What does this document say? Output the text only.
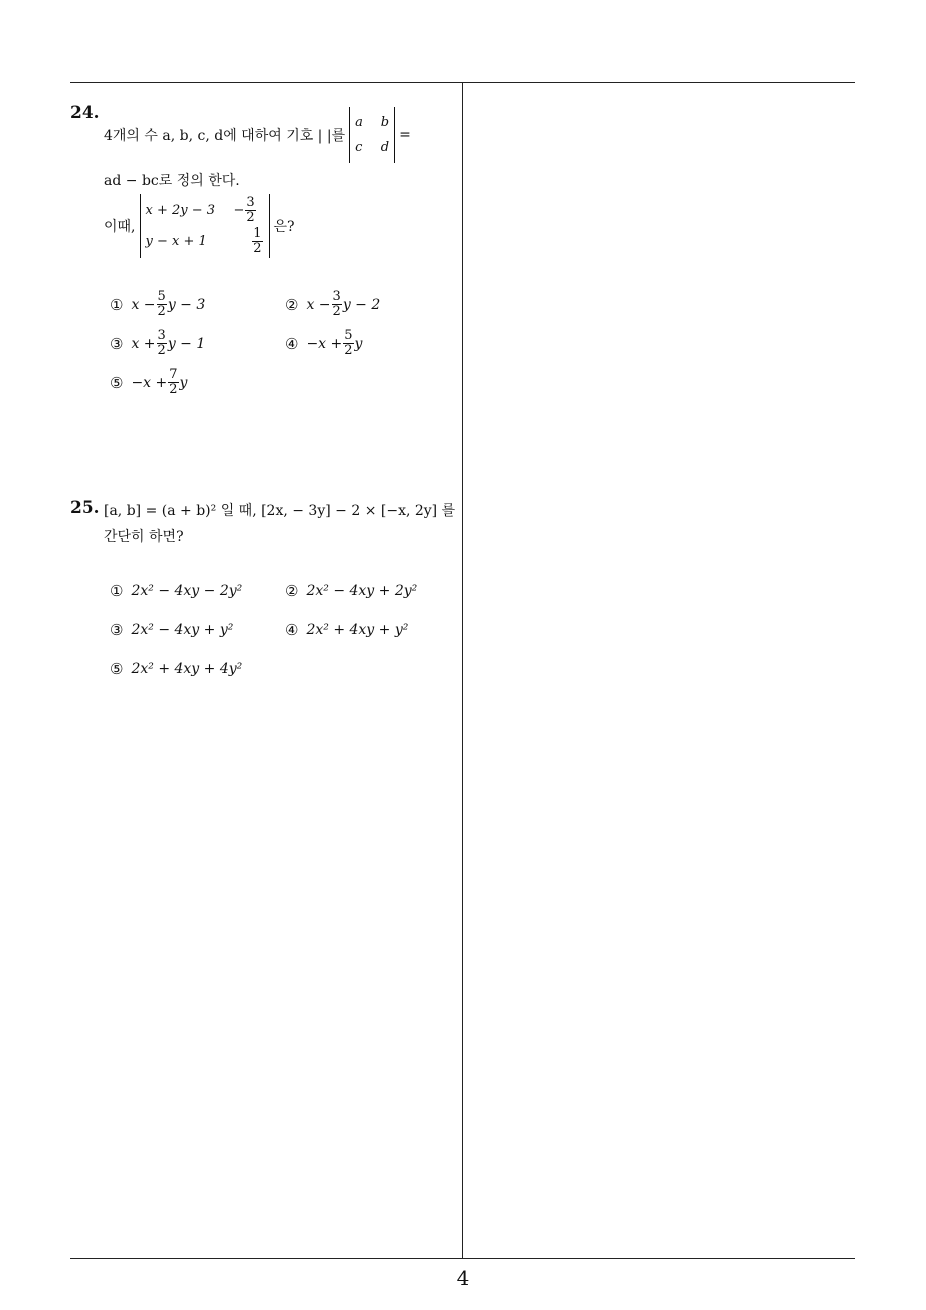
4
24.
4개의 수 a, b, c, d에 대하여 기호 | |를
a	b
c	d
=
ad − bc로 정의 한다.
이때,
x + 2y − 3	− $\frac{3}{2}$
y − x + 1	$\frac{1}{2}$ 은?
① $x - \frac{5}{2}$ y − 3	② $x - \frac{3}{2}$ y − 2
③ $x + \frac{3}{2}$ y − 1	④ $-x + \frac{5}{2}$ y
⑤ $-x + \frac{7}{2}$ y
25. [a, b] = (a + b)² 일 때, [2x, − 3y] − 2 × [−x, 2y] 를
간단히 하면?
① 2x² − 4xy − 2y²	② 2x² − 4xy + 2y²
③ 2x² − 4xy + y²	④ 2x² + 4xy + y²
⑤ 2x² + 4xy + 4y²
